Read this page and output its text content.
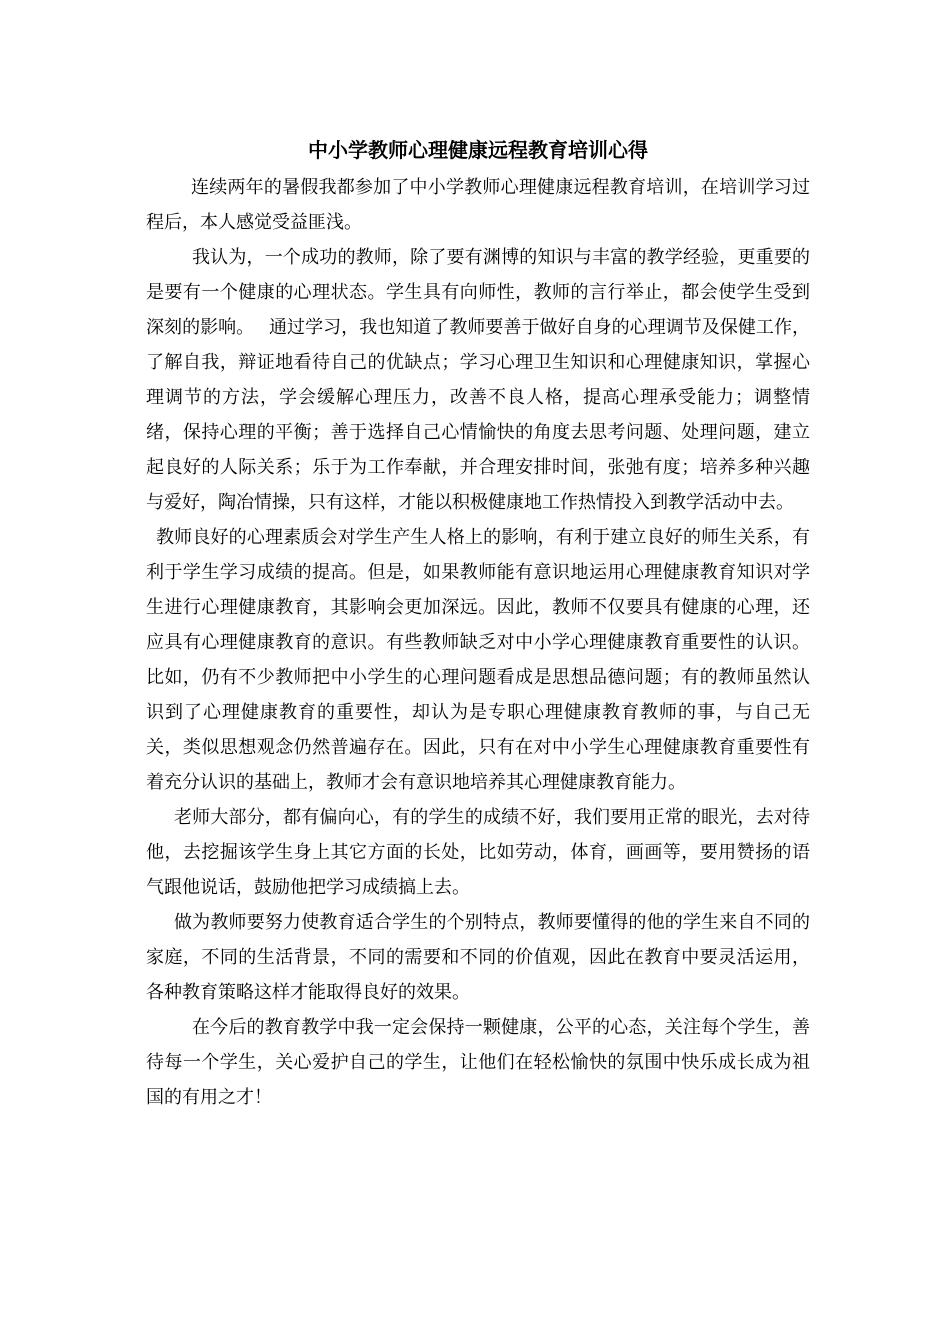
中小学教师心理健康远程教育培训心得

连续两年的暑假我都参加了中小学教师心理健康远程教育培训，在培训学习过程后，本人感觉受益匪浅。

我认为，一个成功的教师，除了要有渊博的知识与丰富的教学经验，更重要的是要有一个健康的心理状态。学生具有向师性，教师的言行举止，都会使学生受到深刻的影响。　 通过学习，我也知道了教师要善于做好自身的心理调节及保健工作，了解自我，辩证地看待自己的优缺点；学习心理卫生知识和心理健康知识，掌握心理调节的方法，学会缓解心理压力，改善不良人格，提高心理承受能力；调整情绪，保持心理的平衡；善于选择自己心情愉快的角度去思考问题、处理问题，建立起良好的人际关系；乐于为工作奉献，并合理安排时间，张弛有度；培养多种兴趣与爱好，陶冶情操，只有这样，才能以积极健康地工作热情投入到教学活动中去。

教师良好的心理素质会对学生产生人格上的影响，有利于建立良好的师生关系，有利于学生学习成绩的提高。但是，如果教师能有意识地运用心理健康教育知识对学生进行心理健康教育，其影响会更加深远。因此，教师不仅要具有健康的心理，还应具有心理健康教育的意识。有些教师缺乏对中小学心理健康教育重要性的认识。比如，仍有不少教师把中小学生的心理问题看成是思想品德问题；有的教师虽然认识到了心理健康教育的重要性，却认为是专职心理健康教育教师的事，与自己无关，类似思想观念仍然普遍存在。因此，只有在对中小学生心理健康教育重要性有着充分认识的基础上，教师才会有意识地培养其心理健康教育能力。

老师大部分，都有偏向心，有的学生的成绩不好，我们要用正常的眼光，去对待他，去挖掘该学生身上其它方面的长处，比如劳动，体育，画画等，要用赞扬的语气跟他说话，鼓励他把学习成绩搞上去。

做为教师要努力使教育适合学生的个别特点，教师要懂得的他的学生来自不同的家庭，不同的生活背景，不同的需要和不同的价值观，因此在教育中要灵活运用，各种教育策略这样才能取得良好的效果。

在今后的教育教学中我一定会保持一颗健康，公平的心态，关注每个学生，善待每一个学生，关心爱护自己的学生，让他们在轻松愉快的氛围中快乐成长成为祖国的有用之才！
